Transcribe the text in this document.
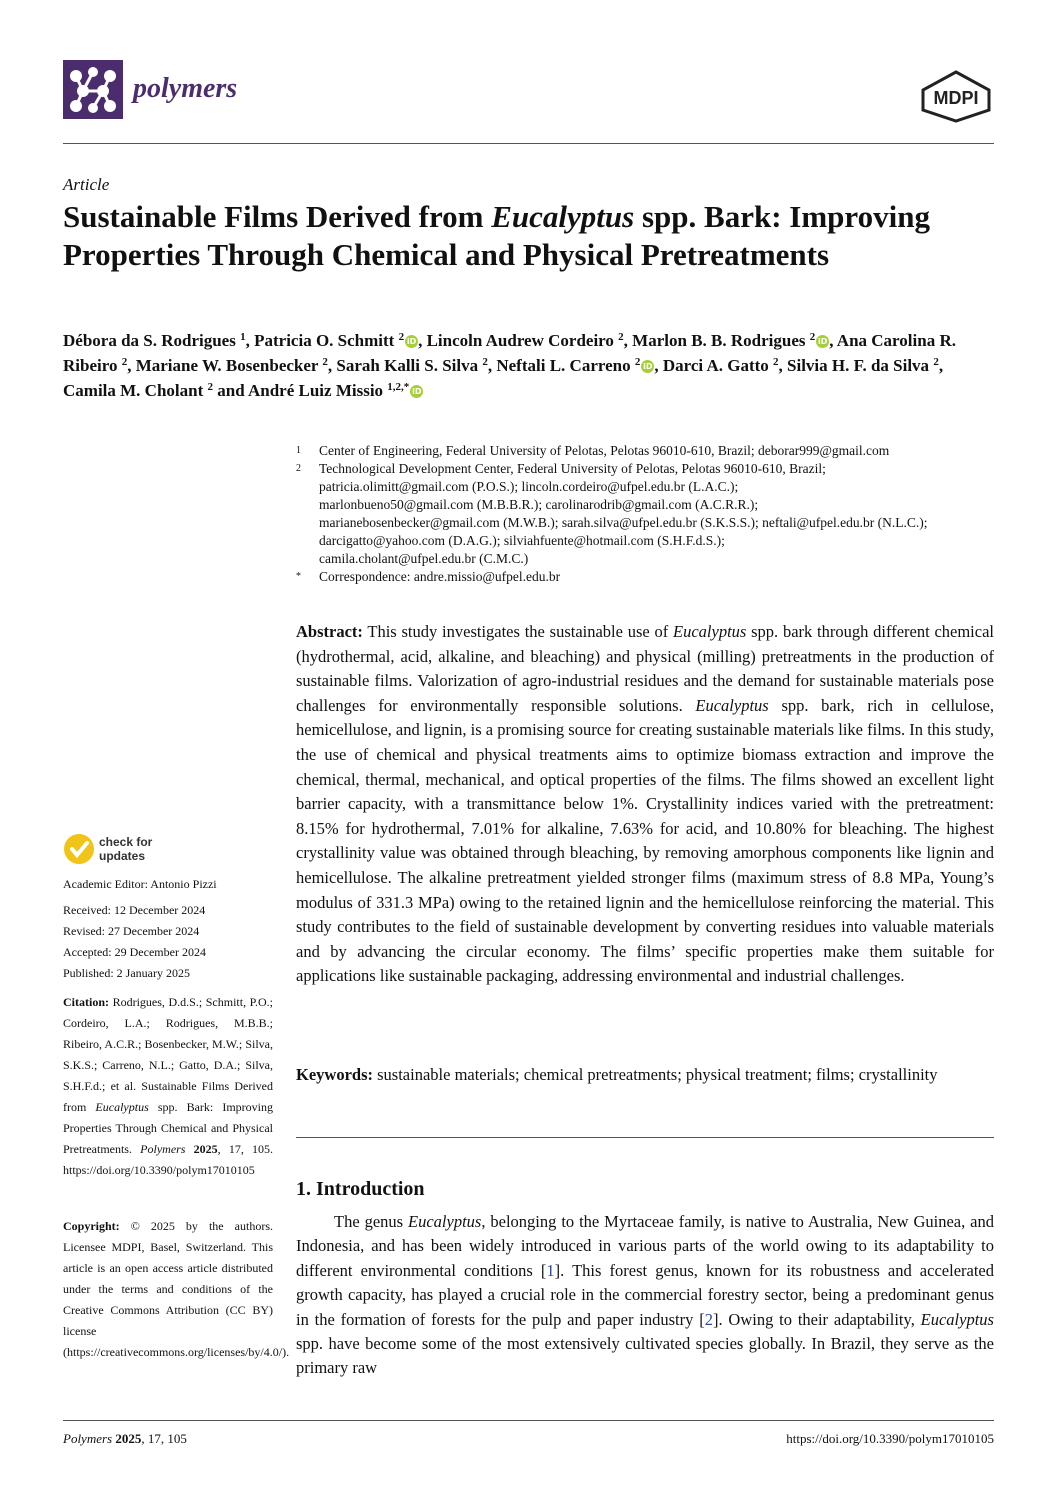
polymers	MDPI
Article
Sustainable Films Derived from Eucalyptus spp. Bark: Improving Properties Through Chemical and Physical Pretreatments
Débora da S. Rodrigues $^1$, Patricia O. Schmitt $^2$ iD , Lincoln Audrew Cordeiro $^2$, Marlon B. B. Rodrigues $^2$ iD , Ana Carolina R. Ribeiro $^2$, Mariane W. Bosenbecker $^2$, Sarah Kalli S. Silva $^2$, Neftali L. Carreno $^2$ iD , Darci A. Gatto $^2$, Silvia H. F. da Silva $^2$, Camila M. Cholant $^2$ and André Luiz Missio $^{1,2,*}$ iD
1	Center of Engineering, Federal University of Pelotas, Pelotas 96010-610, Brazil; deborar999@gmail.com
2	Technological Development Center, Federal University of Pelotas, Pelotas 96010-610, Brazil;
patricia.olimitt@gmail.com (P.O.S.); lincoln.cordeiro@ufpel.edu.br (L.A.C.);
marlonbueno50@gmail.com (M.B.B.R.); carolinarodrib@gmail.com (A.C.R.R.);
marianebosenbecker@gmail.com (M.W.B.); sarah.silva@ufpel.edu.br (S.K.S.S.); neftali@ufpel.edu.br (N.L.C.);
darcigatto@yahoo.com (D.A.G.); silviahfuente@hotmail.com (S.H.F.d.S.);
camila.cholant@ufpel.edu.br (C.M.C.)
*	Correspondence: andre.missio@ufpel.edu.br
check for
updates
Academic Editor: Antonio Pizzi
Received: 12 December 2024
Revised: 27 December 2024
Accepted: 29 December 2024
Published: 2 January 2025
Citation: Rodrigues, D.d.S.; Schmitt, P.O.; Cordeiro, L.A.; Rodrigues, M.B.B.; Ribeiro, A.C.R.; Bosenbecker, M.W.; Silva, S.K.S.; Carreno, N.L.; Gatto, D.A.; Silva, S.H.F.d.; et al. Sustainable Films Derived from Eucalyptus spp. Bark: Improving Properties Through Chemical and Physical Pretreatments. Polymers 2025, 17, 105. https://doi.org/10.3390/polym17010105
Copyright: © 2025 by the authors. Licensee MDPI, Basel, Switzerland. This article is an open access article distributed under the terms and conditions of the Creative Commons Attribution (CC BY) license (https://creativecommons.org/licenses/by/4.0/).
Abstract: This study investigates the sustainable use of Eucalyptus spp. bark through different chemical (hydrothermal, acid, alkaline, and bleaching) and physical (milling) pretreatments in the production of sustainable films. Valorization of agro-industrial residues and the demand for sustainable materials pose challenges for environmentally responsible solutions. Eucalyptus spp. bark, rich in cellulose, hemicellulose, and lignin, is a promising source for creating sustainable materials like films. In this study, the use of chemical and physical treatments aims to optimize biomass extraction and improve the chemical, thermal, mechanical, and optical properties of the films. The films showed an excellent light barrier capacity, with a transmittance below 1%. Crystallinity indices varied with the pretreatment: 8.15% for hydrothermal, 7.01% for alkaline, 7.63% for acid, and 10.80% for bleaching. The highest crystallinity value was obtained through bleaching, by removing amorphous components like lignin and hemicellulose. The alkaline pretreatment yielded stronger films (maximum stress of 8.8 MPa, Young’s modulus of 331.3 MPa) owing to the retained lignin and the hemicellulose reinforcing the material. This study contributes to the field of sustainable development by converting residues into valuable materials and by advancing the circular economy. The films’ specific properties make them suitable for applications like sustainable packaging, addressing environmental and industrial challenges.
Keywords: sustainable materials; chemical pretreatments; physical treatment; films; crystallinity
1. Introduction
The genus Eucalyptus, belonging to the Myrtaceae family, is native to Australia, New Guinea, and Indonesia, and has been widely introduced in various parts of the world owing to its adaptability to different environmental conditions [1]. This forest genus, known for its robustness and accelerated growth capacity, has played a crucial role in the commercial forestry sector, being a predominant genus in the formation of forests for the pulp and paper industry [2]. Owing to their adaptability, Eucalyptus spp. have become some of the most extensively cultivated species globally. In Brazil, they serve as the primary raw
Polymers 2025, 17, 105	https://doi.org/10.3390/polym17010105
